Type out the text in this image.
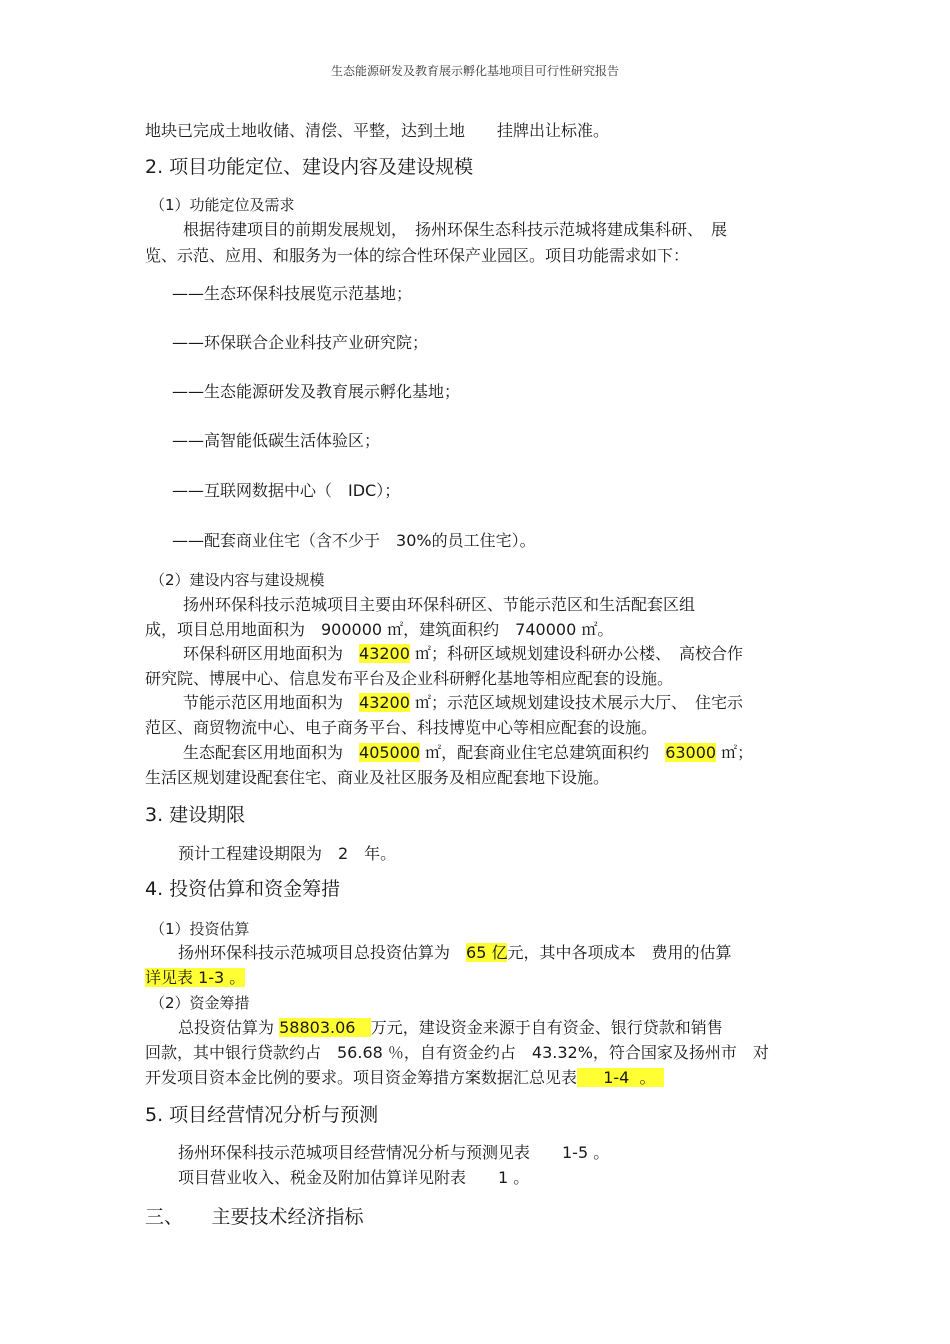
生态能源研发及教育展示孵化基地项目可行性研究报告
地块已完成土地收储、清偿、平整，达到土地　　挂牌出让标准。
2. 项目功能定位、建设内容及建设规模
（1）功能定位及需求
根据待建项目的前期发展规划，　扬州环保生态科技示范城将建成集科研、　展
览、示范、应用、和服务为一体的综合性环保产业园区。项目功能需求如下：
——生态环保科技展览示范基地；
——环保联合企业科技产业研究院；
——生态能源研发及教育展示孵化基地；
——高智能低碳生活体验区；
——互联网数据中心（　IDC）；
——配套商业住宅（含不少于　30%的员工住宅）。
（2）建设内容与建设规模
扬州环保科技示范城项目主要由环保科研区、节能示范区和生活配套区组
成，项目总用地面积为　900000 ㎡，建筑面积约　740000 ㎡。
环保科研区用地面积为　43200 ㎡；科研区域规划建设科研办公楼、　高校合作
研究院、博展中心、信息发布平台及企业科研孵化基地等相应配套的设施。
节能示范区用地面积为　43200 ㎡；示范区域规划建设技术展示大厅、　住宅示
范区、商贸物流中心、电子商务平台、科技博览中心等相应配套的设施。
生态配套区用地面积为　405000 ㎡，配套商业住宅总建筑面积约　63000 ㎡；
生活区规划建设配套住宅、商业及社区服务及相应配套地下设施。
3. 建设期限
预计工程建设期限为　2　年。
4. 投资估算和资金筹措
（1）投资估算
扬州环保科技示范城项目总投资估算为　65 亿元，其中各项成本　费用的估算
详见表 1-3 。
（2）资金筹措
总投资估算为 58803.06   万元，建设资金来源于自有资金、银行贷款和销售
回款，其中银行贷款约占　56.68 ％，自有资金约占　43.32%，符合国家及扬州市　对
开发项目资本金比例的要求。项目资金筹措方案数据汇总见表　  1-4  。　
5. 项目经营情况分析与预测
扬州环保科技示范城项目经营情况分析与预测见表　　1-5 。
项目营业收入、税金及附加估算详见附表　　1 。
三、　　主要技术经济指标
